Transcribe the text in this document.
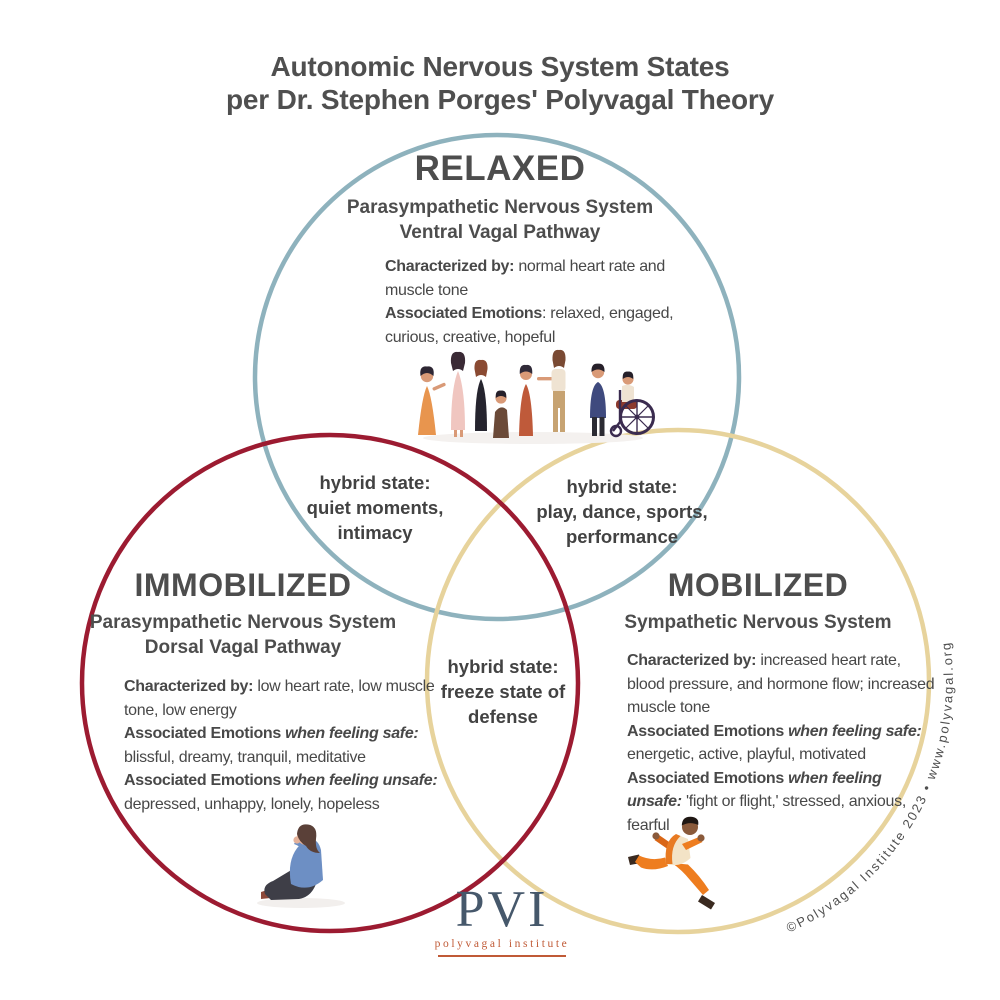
©Polyvagal Institute 2023 • www.polyvagal.org
Autonomic Nervous System States
per Dr. Stephen Porges' Polyvagal Theory
RELAXED
Parasympathetic Nervous System
Ventral Vagal Pathway

Characterized by: normal heart rate and muscle tone

Associated Emotions: relaxed, engaged, curious, creative, hopeful

hybrid state:
quiet moments,
intimacy
hybrid state:
play, dance, sports,
performance
hybrid state:
freeze state of
defense
IMMOBILIZED
Parasympathetic Nervous System
Dorsal Vagal Pathway

Characterized by: low heart rate, low muscle tone, low energy

Associated Emotions when feeling safe: blissful, dreamy, tranquil, meditative

Associated Emotions when feeling unsafe: depressed, unhappy, lonely, hopeless

MOBILIZED
Sympathetic Nervous System

Characterized by: increased heart rate, blood pressure, and hormone flow; increased muscle tone

Associated Emotions when feeling safe: energetic, active, playful, motivated

Associated Emotions when feeling unsafe: 'fight or flight,' stressed, anxious, fearful

PVI
polyvagal institute
